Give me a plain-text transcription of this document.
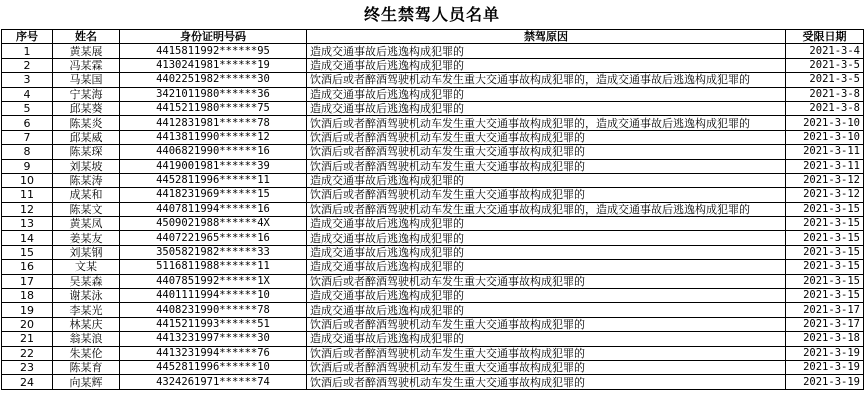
终生禁驾人员名单
序号	姓名	身份证明号码	禁驾原因	受限日期
1	黄某展	4415811992******95	造成交通事故后逃逸构成犯罪的	2021-3-4
2	冯某霖	4130241981******19	造成交通事故后逃逸构成犯罪的	2021-3-5
3	马某国	4402251982******30	饮酒后或者醉酒驾驶机动车发生重大交通事故构成犯罪的，造成交通事故后逃逸构成犯罪的	2021-3-5
4	宁某海	3421011980******36	造成交通事故后逃逸构成犯罪的	2021-3-8
5	邱某葵	4415211980******75	造成交通事故后逃逸构成犯罪的	2021-3-8
6	陈某炎	4412831981******78	饮酒后或者醉酒驾驶机动车发生重大交通事故构成犯罪的，造成交通事故后逃逸构成犯罪的	2021-3-10
7	邱某威	4413811990******12	饮酒后或者醉酒驾驶机动车发生重大交通事故构成犯罪的	2021-3-10
8	陈某琛	4406821990******16	饮酒后或者醉酒驾驶机动车发生重大交通事故构成犯罪的	2021-3-11
9	刘某坡	4419001981******39	饮酒后或者醉酒驾驶机动车发生重大交通事故构成犯罪的	2021-3-11
10	陈某涛	4452811996******11	造成交通事故后逃逸构成犯罪的	2021-3-12
11	成某和	4418231969******15	饮酒后或者醉酒驾驶机动车发生重大交通事故构成犯罪的	2021-3-12
12	陈某文	4407811994******16	饮酒后或者醉酒驾驶机动车发生重大交通事故构成犯罪的，造成交通事故后逃逸构成犯罪的	2021-3-15
13	黄某凤	4509021988******4X	造成交通事故后逃逸构成犯罪的	2021-3-15
14	姜某友	4407221965******16	造成交通事故后逃逸构成犯罪的	2021-3-15
15	刘某钢	3505821982******33	造成交通事故后逃逸构成犯罪的	2021-3-15
16	文某	5116811988******11	造成交通事故后逃逸构成犯罪的	2021-3-15
17	吴某森	4407851992******1X	饮酒后或者醉酒驾驶机动车发生重大交通事故构成犯罪的	2021-3-15
18	谢某泳	4401111994******10	造成交通事故后逃逸构成犯罪的	2021-3-15
19	李某光	4408231990******78	造成交通事故后逃逸构成犯罪的	2021-3-17
20	林某庆	4415211993******51	饮酒后或者醉酒驾驶机动车发生重大交通事故构成犯罪的	2021-3-17
21	翁某浪	4413231997******30	造成交通事故后逃逸构成犯罪的	2021-3-18
22	朱某伦	4413231994******76	饮酒后或者醉酒驾驶机动车发生重大交通事故构成犯罪的	2021-3-19
23	陈某育	4452811996******10	饮酒后或者醉酒驾驶机动车发生重大交通事故构成犯罪的	2021-3-19
24	向某辉	4324261971******74	饮酒后或者醉酒驾驶机动车发生重大交通事故构成犯罪的	2021-3-19
